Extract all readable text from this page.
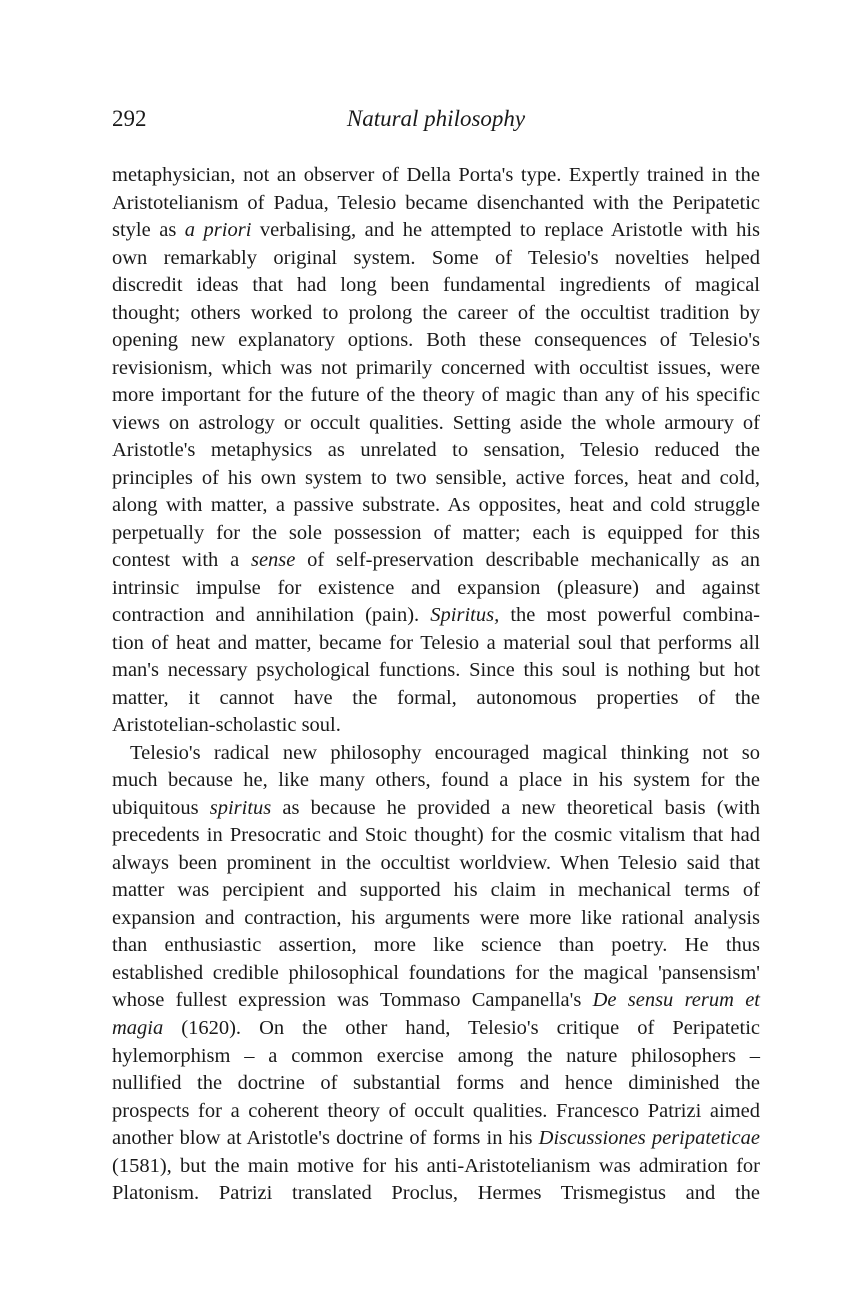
292	Natural philosophy
metaphysician, not an observer of Della Porta's type. Expertly trained in the
Aristotelianism of Padua, Telesio became disenchanted with the Peripatetic
style as a priori verbalising, and he attempted to replace Aristotle with his
own remarkably original system. Some of Telesio's novelties helped
discredit ideas that had long been fundamental ingredients of magical
thought; others worked to prolong the career of the occultist tradition by
opening new explanatory options. Both these consequences of Telesio's
revisionism, which was not primarily concerned with occultist issues, were
more important for the future of the theory of magic than any of his specific
views on astrology or occult qualities. Setting aside the whole armoury of
Aristotle's metaphysics as unrelated to sensation, Telesio reduced the
principles of his own system to two sensible, active forces, heat and cold,
along with matter, a passive substrate. As opposites, heat and cold struggle
perpetually for the sole possession of matter; each is equipped for this
contest with a sense of self-preservation describable mechanically as an
intrinsic impulse for existence and expansion (pleasure) and against
contraction and annihilation (pain). Spiritus, the most powerful combina-
tion of heat and matter, became for Telesio a material soul that performs all
man's necessary psychological functions. Since this soul is nothing but hot
matter, it cannot have the formal, autonomous properties of the
Aristotelian-scholastic soul.
Telesio's radical new philosophy encouraged magical thinking not so
much because he, like many others, found a place in his system for the
ubiquitous spiritus as because he provided a new theoretical basis (with
precedents in Presocratic and Stoic thought) for the cosmic vitalism that had
always been prominent in the occultist worldview. When Telesio said that
matter was percipient and supported his claim in mechanical terms of
expansion and contraction, his arguments were more like rational analysis
than enthusiastic assertion, more like science than poetry. He thus
established credible philosophical foundations for the magical 'pansensism'
whose fullest expression was Tommaso Campanella's De sensu rerum et
magia (1620). On the other hand, Telesio's critique of Peripatetic
hylemorphism – a common exercise among the nature philosophers –
nullified the doctrine of substantial forms and hence diminished the
prospects for a coherent theory of occult qualities. Francesco Patrizi aimed
another blow at Aristotle's doctrine of forms in his Discussiones peripateticae
(1581), but the main motive for his anti-Aristotelianism was admiration for
Platonism. Patrizi translated Proclus, Hermes Trismegistus and the
